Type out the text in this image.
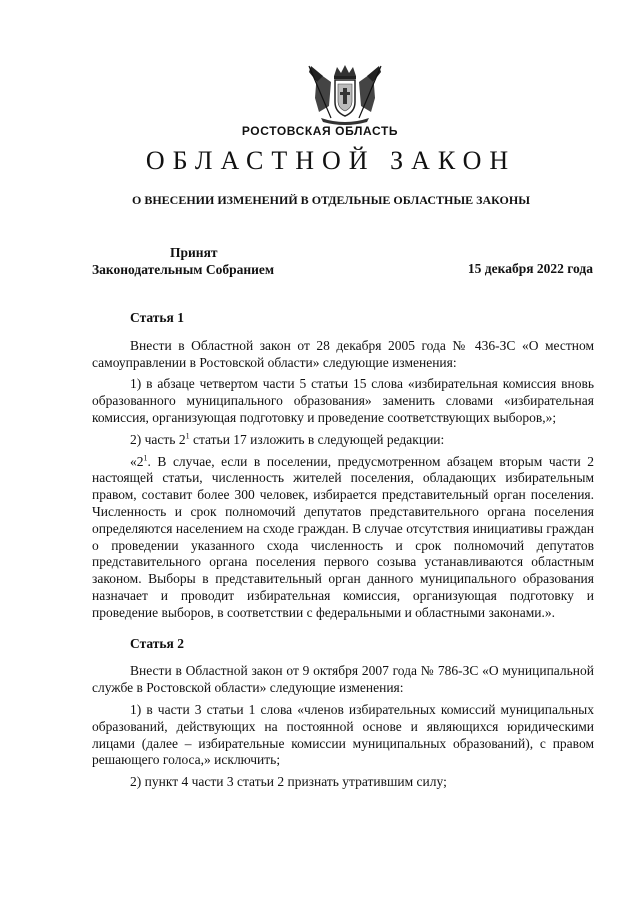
РОСТОВСКАЯ ОБЛАСТЬ
ОБЛАСТНОЙ ЗАКОН
О ВНЕСЕНИИ ИЗМЕНЕНИЙ В ОТДЕЛЬНЫЕ ОБЛАСТНЫЕ ЗАКОНЫ
Принят
Законодательным Собранием	15 декабря 2022 года
Статья 1

Внести в Областной закон от 28 декабря 2005 года № 436-ЗС «О местном самоуправлении в Ростовской области» следующие изменения:

1) в абзаце четвертом части 5 статьи 15 слова «избирательная комиссия вновь образованного муниципального образования» заменить словами «избирательная комиссия, организующая подготовку и проведение соответствующих выборов,»;

2) часть $2^1$ статьи 17 изложить в следующей редакции:

«$2^1$. В случае, если в поселении, предусмотренном абзацем вторым части 2 настоящей статьи, численность жителей поселения, обладающих избирательным правом, составит более 300 человек, избирается представительный орган поселения. Численность и срок полномочий депутатов представительного органа поселения определяются населением на сходе граждан. В случае отсутствия инициативы граждан о проведении указанного схода численность и срок полномочий депутатов представительного органа поселения первого созыва устанавливаются областным законом. Выборы в представительный орган данного муниципального образования назначает и проводит избирательная комиссия, организующая подготовку и проведение выборов, в соответствии с федеральными и областными законами.».

Статья 2

Внести в Областной закон от 9 октября 2007 года № 786-ЗС «О муниципальной службе в Ростовской области» следующие изменения:

1) в части 3 статьи 1 слова «членов избирательных комиссий муниципальных образований, действующих на постоянной основе и являющихся юридическими лицами (далее – избирательные комиссии муниципальных образований), с правом решающего голоса,» исключить;

2) пункт 4 части 3 статьи 2 признать утратившим силу;
